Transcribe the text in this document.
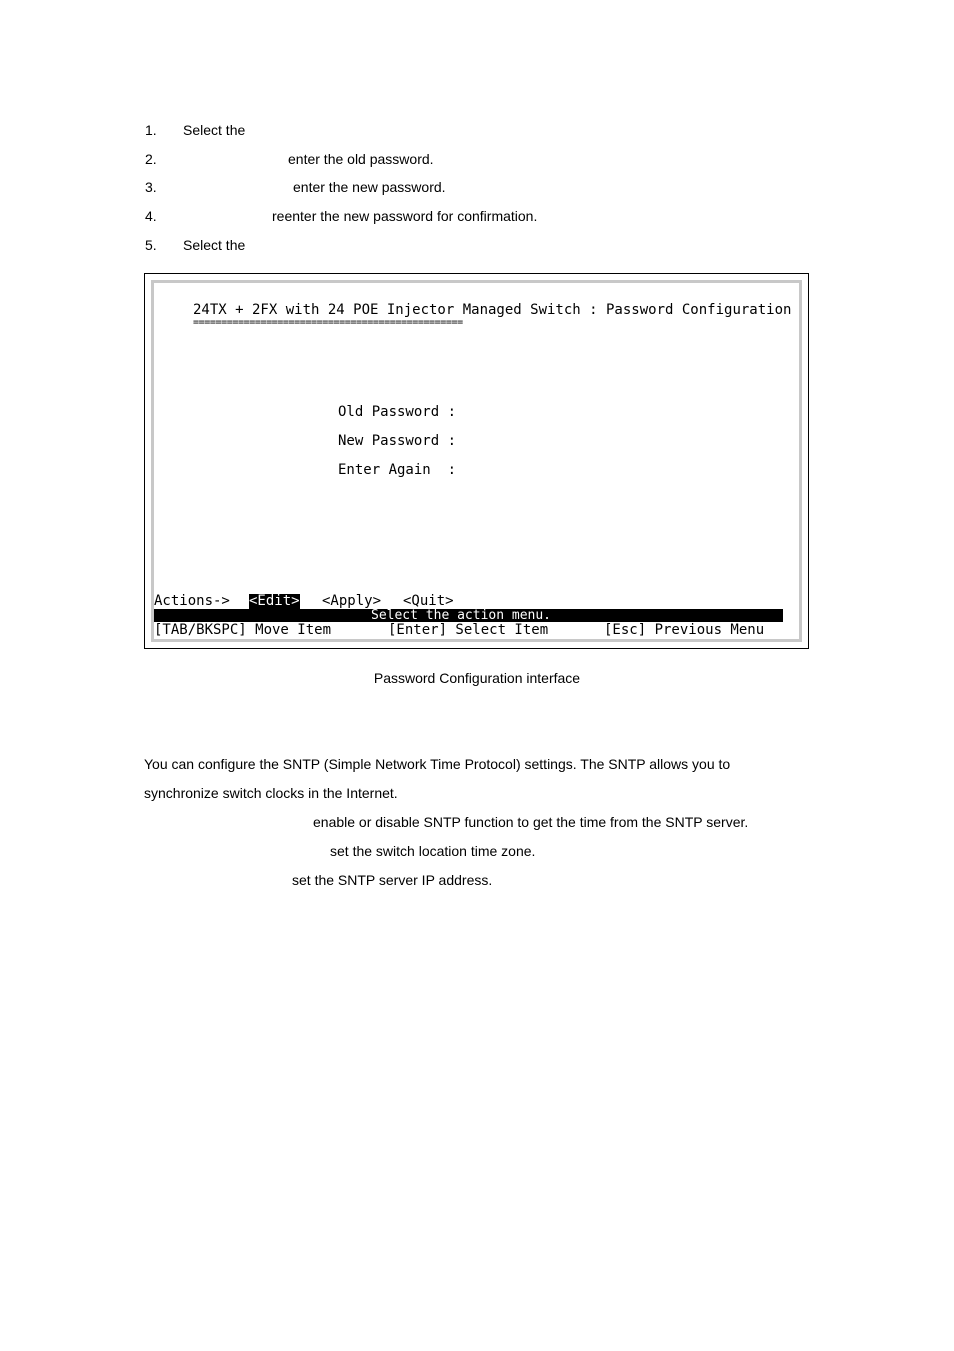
1. Select the
2.	enter the old password.
3.	enter the new password.
4.	reenter the new password for confirmation.
5. Select the
24TX + 2FX with 24 POE Injector Managed Switch : Password Configuration
================================================
Old Password :
New Password :
Enter Again  :
Actions-> <Edit> <Apply> <Quit>
Select the action menu.
[TAB/BKSPC] Move Item	[Enter] Select Item	[Esc] Previous Menu
Password Configuration interface
You can configure the SNTP (Simple Network Time Protocol) settings. The SNTP allows you to
synchronize switch clocks in the Internet.
enable or disable SNTP function to get the time from the SNTP server.
set the switch location time zone.
set the SNTP server IP address.
